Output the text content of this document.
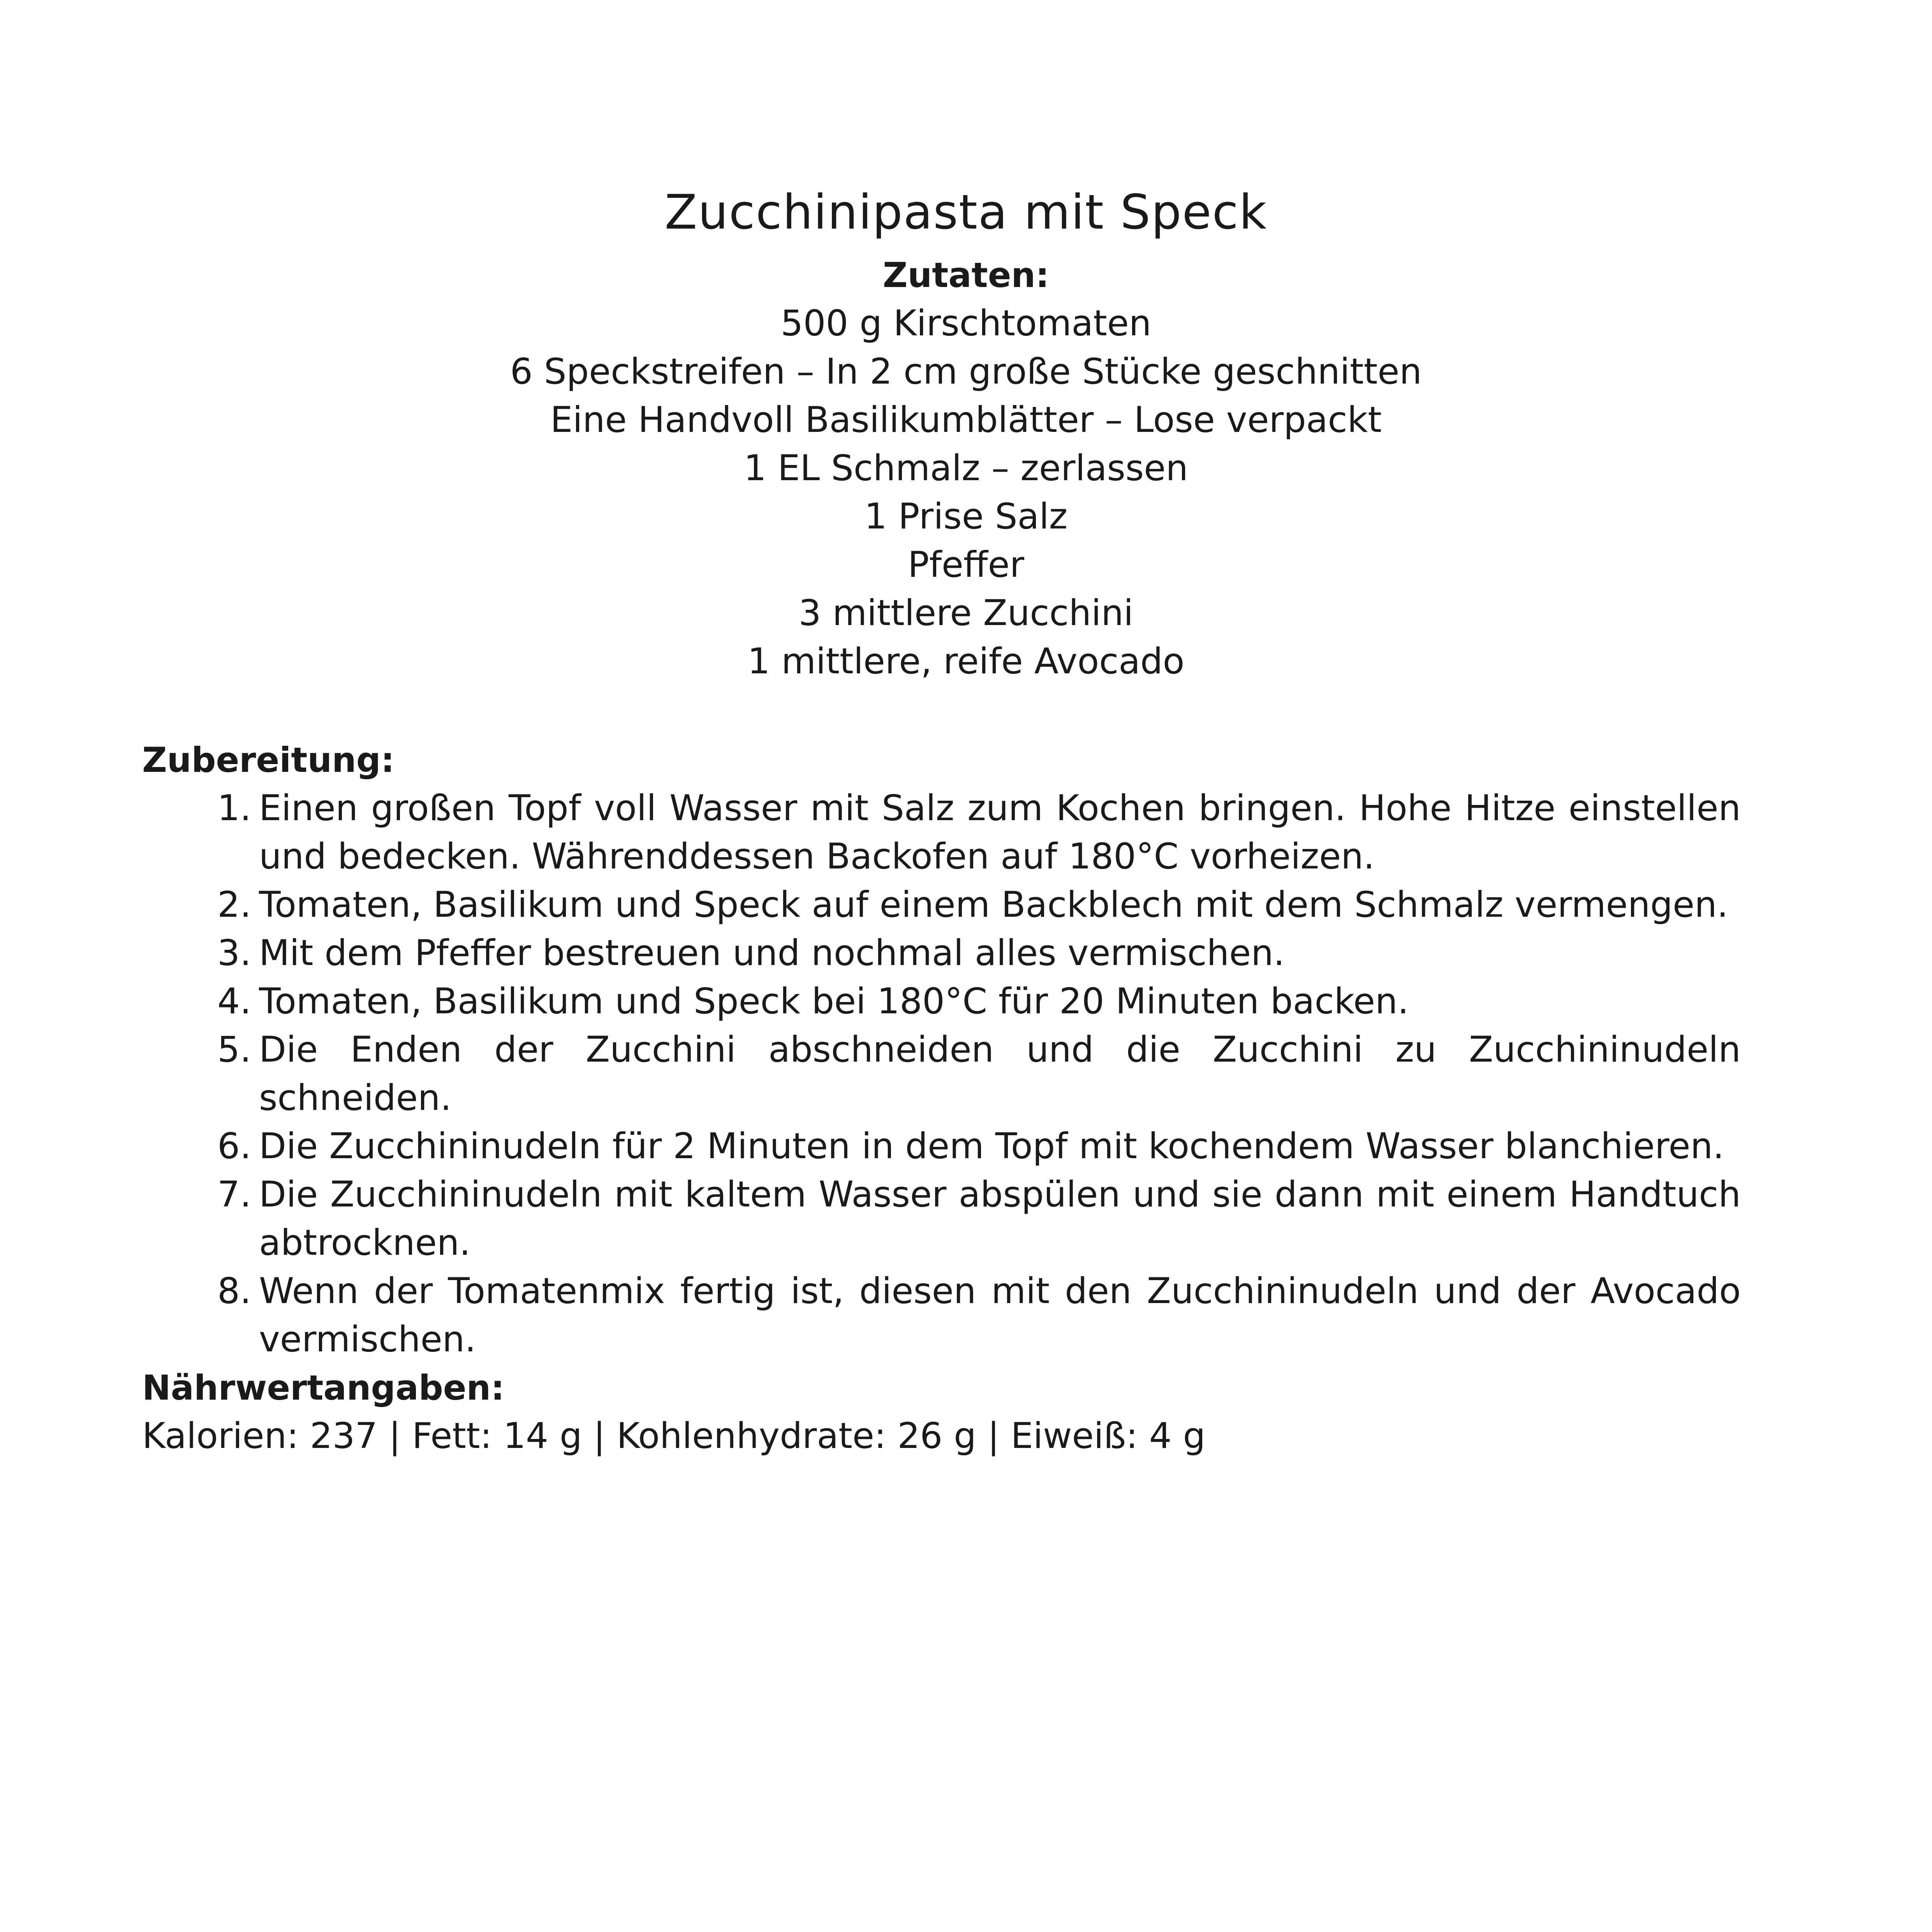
Zucchinipasta mit Speck

Zutaten:

500 g Kirschtomaten
6 Speckstreifen – In 2 cm große Stücke geschnitten
Eine Handvoll Basilikumblätter – Lose verpackt
1 EL Schmalz – zerlassen
1 Prise Salz
Pfeffer
3 mittlere Zucchini
1 mittlere, reife Avocado

Zubereitung:

1. Einen großen Topf voll Wasser mit Salz zum Kochen bringen. Hohe Hitze einstellen und bedecken. Währenddessen Backofen auf 180°C vorheizen.
2. Tomaten, Basilikum und Speck auf einem Backblech mit dem Schmalz vermengen.
3. Mit dem Pfeffer bestreuen und nochmal alles vermischen.
4. Tomaten, Basilikum und Speck bei 180°C für 20 Minuten backen.
5. Die Enden der Zucchini abschneiden und die Zucchini zu Zucchininudeln schneiden.
6. Die Zucchininudeln für 2 Minuten in dem Topf mit kochendem Wasser blanchieren.
7. Die Zucchininudeln mit kaltem Wasser abspülen und sie dann mit einem Handtuch abtrocknen.
8. Wenn der Tomatenmix fertig ist, diesen mit den Zucchininudeln und der Avocado vermischen.

Nährwertangaben:

Kalorien: 237 | Fett: 14 g | Kohlenhydrate: 26 g | Eiweiß: 4 g
